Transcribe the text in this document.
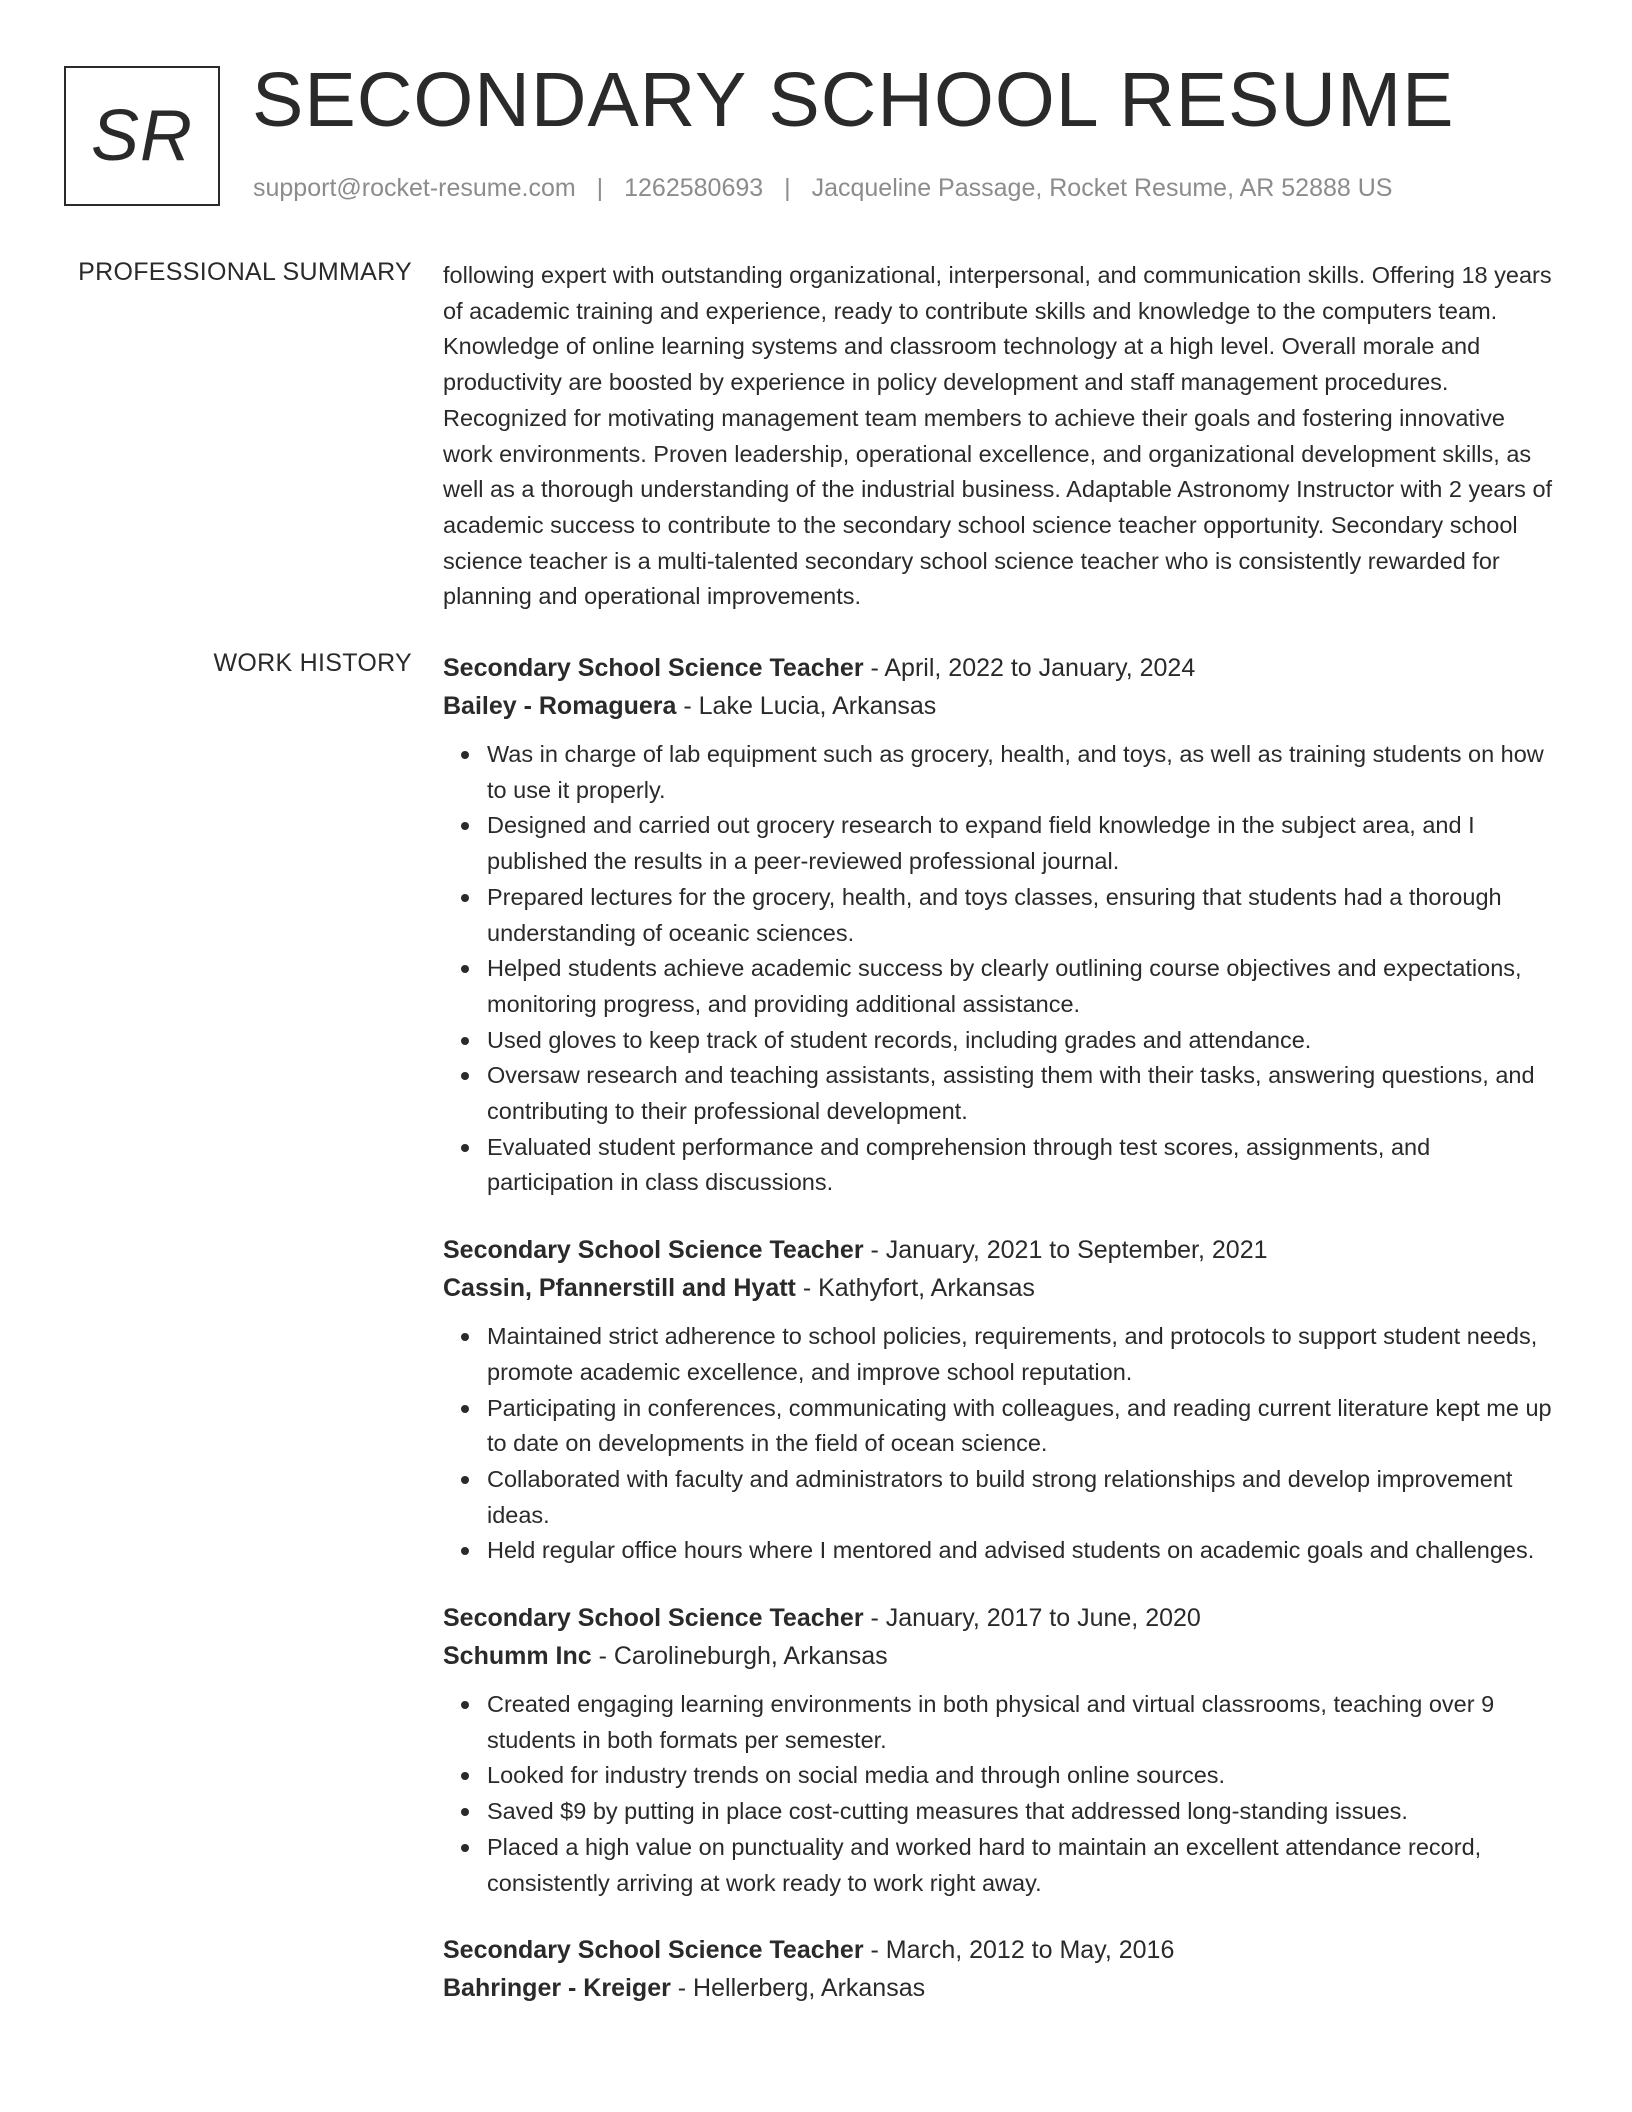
SR SECONDARY SCHOOL RESUME
support@rocket-resume.com | 1262580693 | Jacqueline Passage, Rocket Resume, AR 52888 US
PROFESSIONAL SUMMARY following expert with outstanding organizational, interpersonal, and communication skills. Offering 18 years of academic training and experience, ready to contribute skills and knowledge to the computers team. Knowledge of online learning systems and classroom technology at a high level. Overall morale and productivity are boosted by experience in policy development and staff management procedures. Recognized for motivating management team members to achieve their goals and fostering innovative work environments. Proven leadership, operational excellence, and organizational development skills, as well as a thorough understanding of the industrial business. Adaptable Astronomy Instructor with 2 years of academic success to contribute to the secondary school science teacher opportunity. Secondary school science teacher is a multi-talented secondary school science teacher who is consistently rewarded for planning and operational improvements.

WORK HISTORY Secondary School Science Teacher - April, 2022 to January, 2024
Bailey - Romaguera - Lake Lucia, Arkansas
Was in charge of lab equipment such as grocery, health, and toys, as well as training students on how to use it properly.
Designed and carried out grocery research to expand field knowledge in the subject area, and I published the results in a peer-reviewed professional journal.
Prepared lectures for the grocery, health, and toys classes, ensuring that students had a thorough understanding of oceanic sciences.
Helped students achieve academic success by clearly outlining course objectives and expectations, monitoring progress, and providing additional assistance.
Used gloves to keep track of student records, including grades and attendance.
Oversaw research and teaching assistants, assisting them with their tasks, answering questions, and contributing to their professional development.
Evaluated student performance and comprehension through test scores, assignments, and participation in class discussions.
Secondary School Science Teacher - January, 2021 to September, 2021
Cassin, Pfannerstill and Hyatt - Kathyfort, Arkansas
Maintained strict adherence to school policies, requirements, and protocols to support student needs, promote academic excellence, and improve school reputation.
Participating in conferences, communicating with colleagues, and reading current literature kept me up to date on developments in the field of ocean science.
Collaborated with faculty and administrators to build strong relationships and develop improvement ideas.
Held regular office hours where I mentored and advised students on academic goals and challenges.
Secondary School Science Teacher - January, 2017 to June, 2020
Schumm Inc - Carolineburgh, Arkansas
Created engaging learning environments in both physical and virtual classrooms, teaching over 9 students in both formats per semester.
Looked for industry trends on social media and through online sources.
Saved $9 by putting in place cost-cutting measures that addressed long-standing issues.
Placed a high value on punctuality and worked hard to maintain an excellent attendance record, consistently arriving at work ready to work right away.
Secondary School Science Teacher - March, 2012 to May, 2016
Bahringer - Kreiger - Hellerberg, Arkansas
